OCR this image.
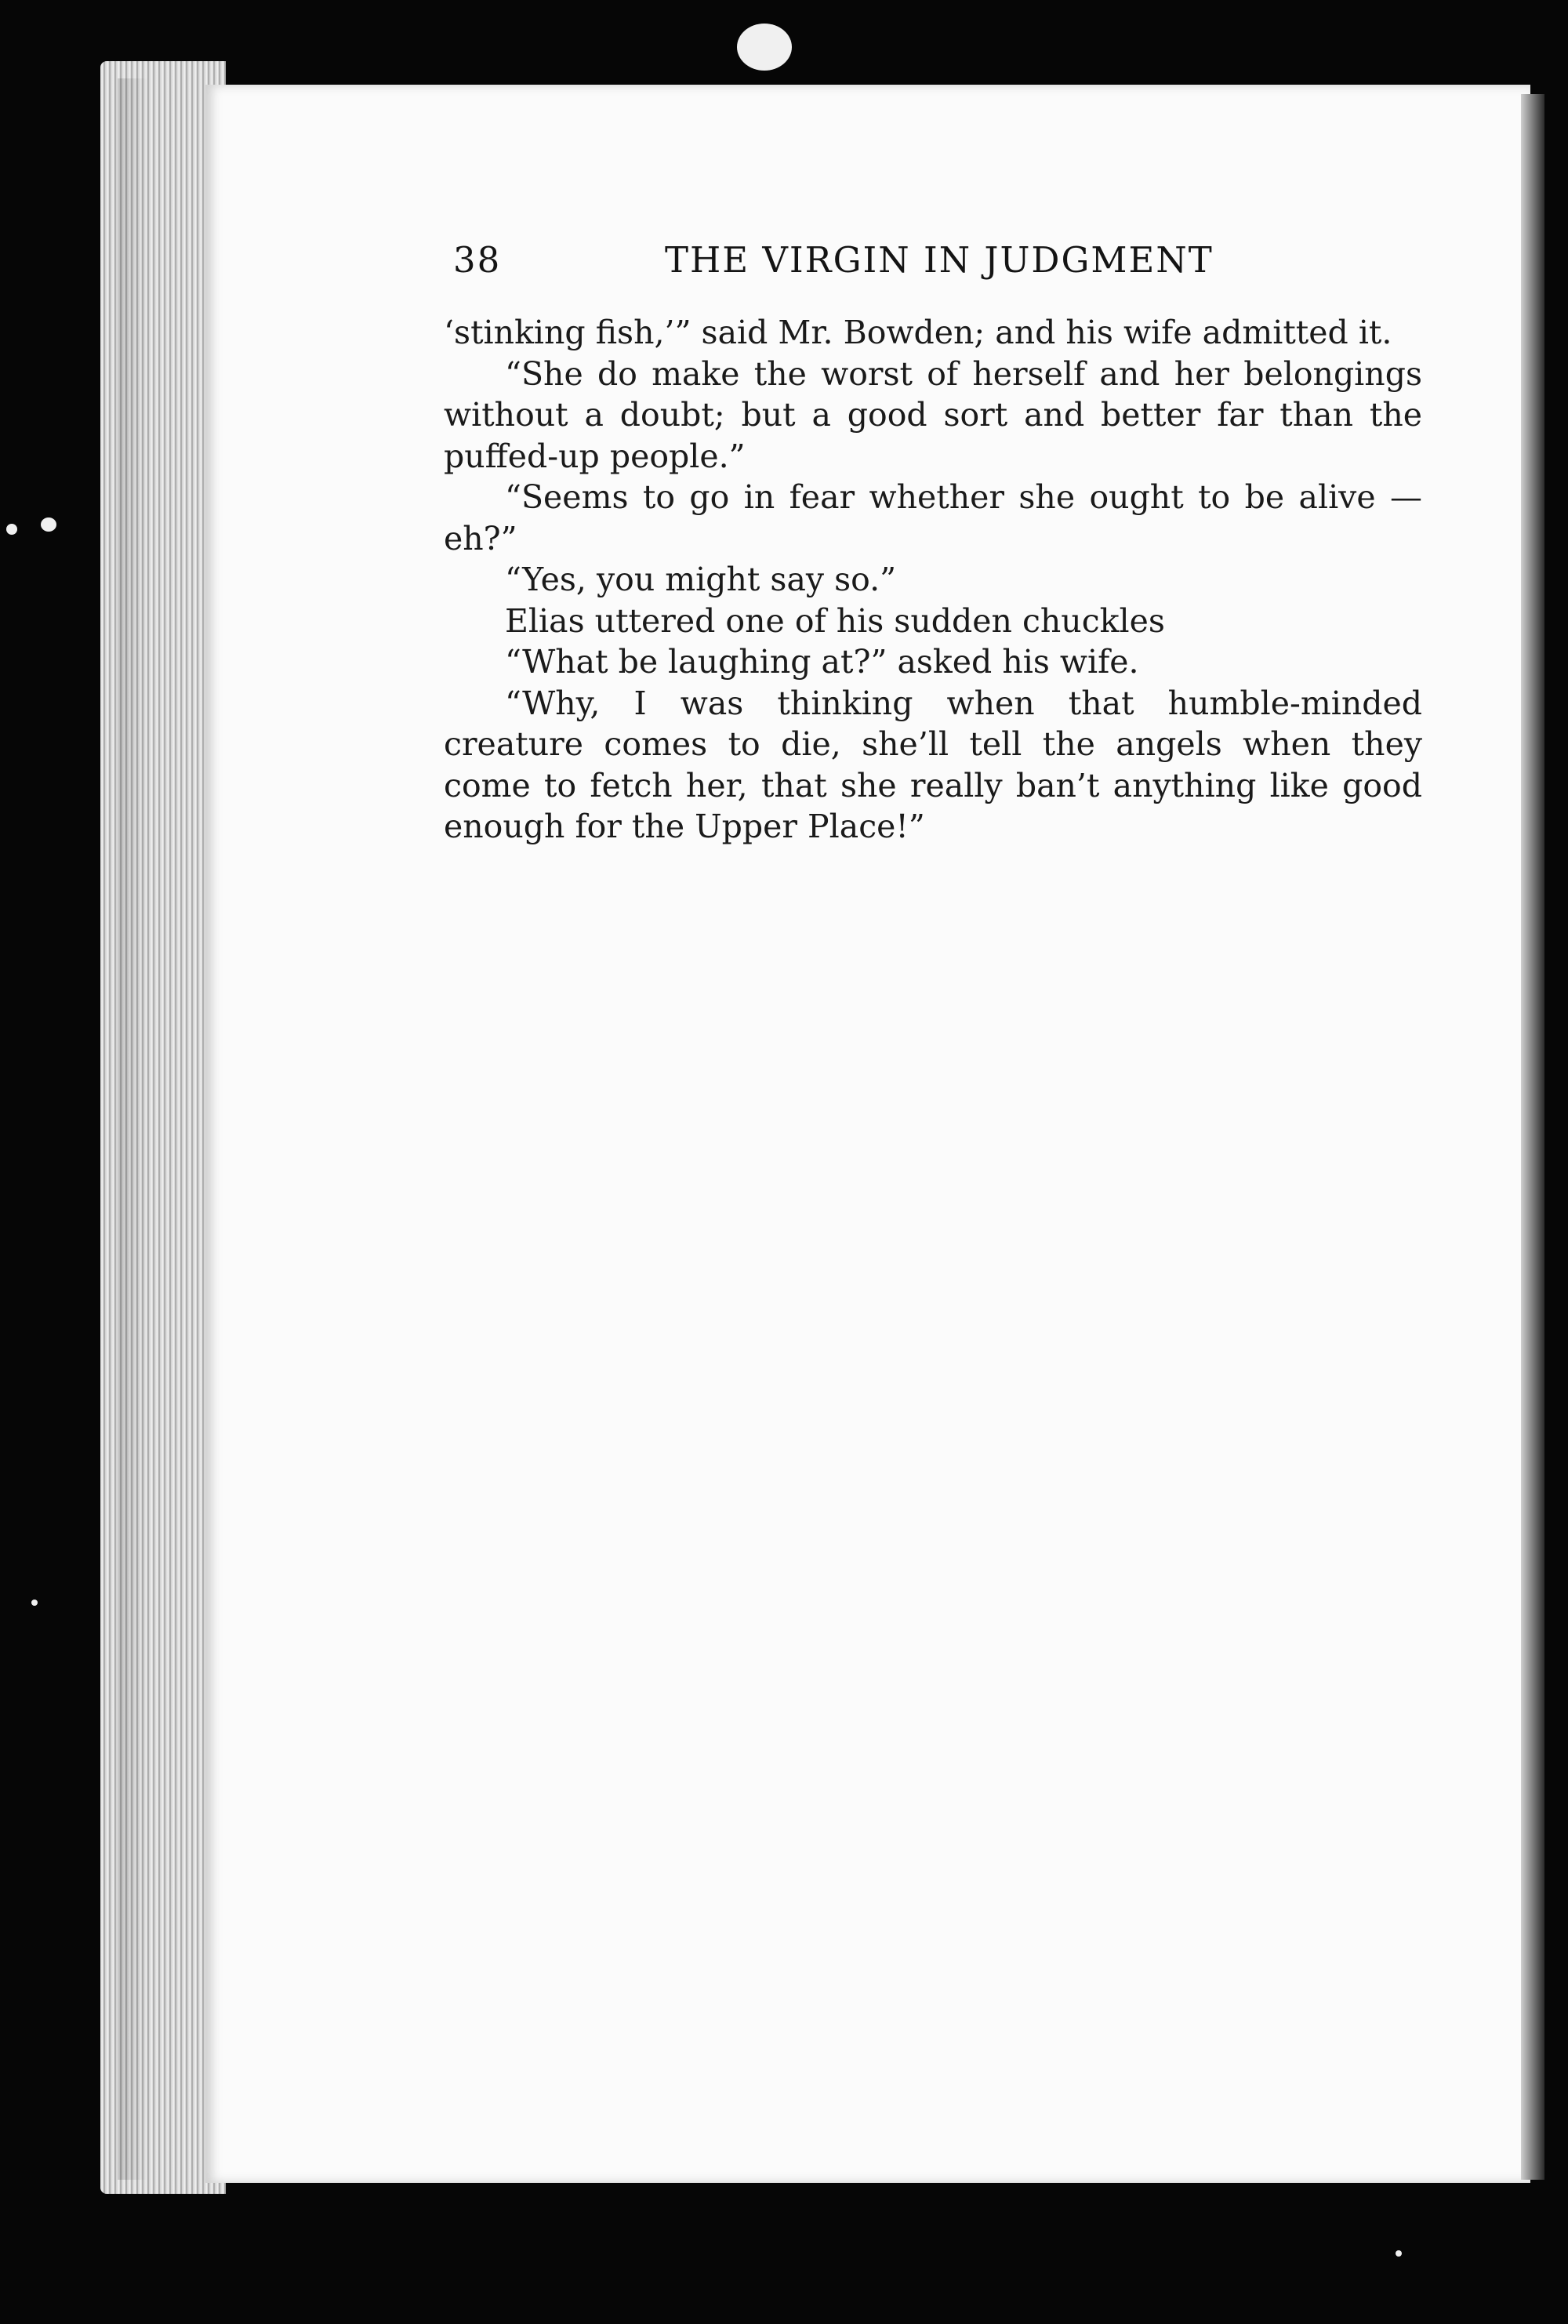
38	THE VIRGIN IN JUDGMENT

‘stinking fish,’” said Mr. Bowden; and his wife admitted it.

“She do make the worst of herself and her belongings without a doubt; but a good sort and better far than the puffed-up people.”

“Seems to go in fear whether she ought to be alive —eh?”

“Yes, you might say so.”

Elias uttered one of his sudden chuckles

“What be laughing at?” asked his wife.

“Why, I was thinking when that humble-minded creature comes to die, she’ll tell the angels when they come to fetch her, that she really ban’t anything like good enough for the Upper Place!”
